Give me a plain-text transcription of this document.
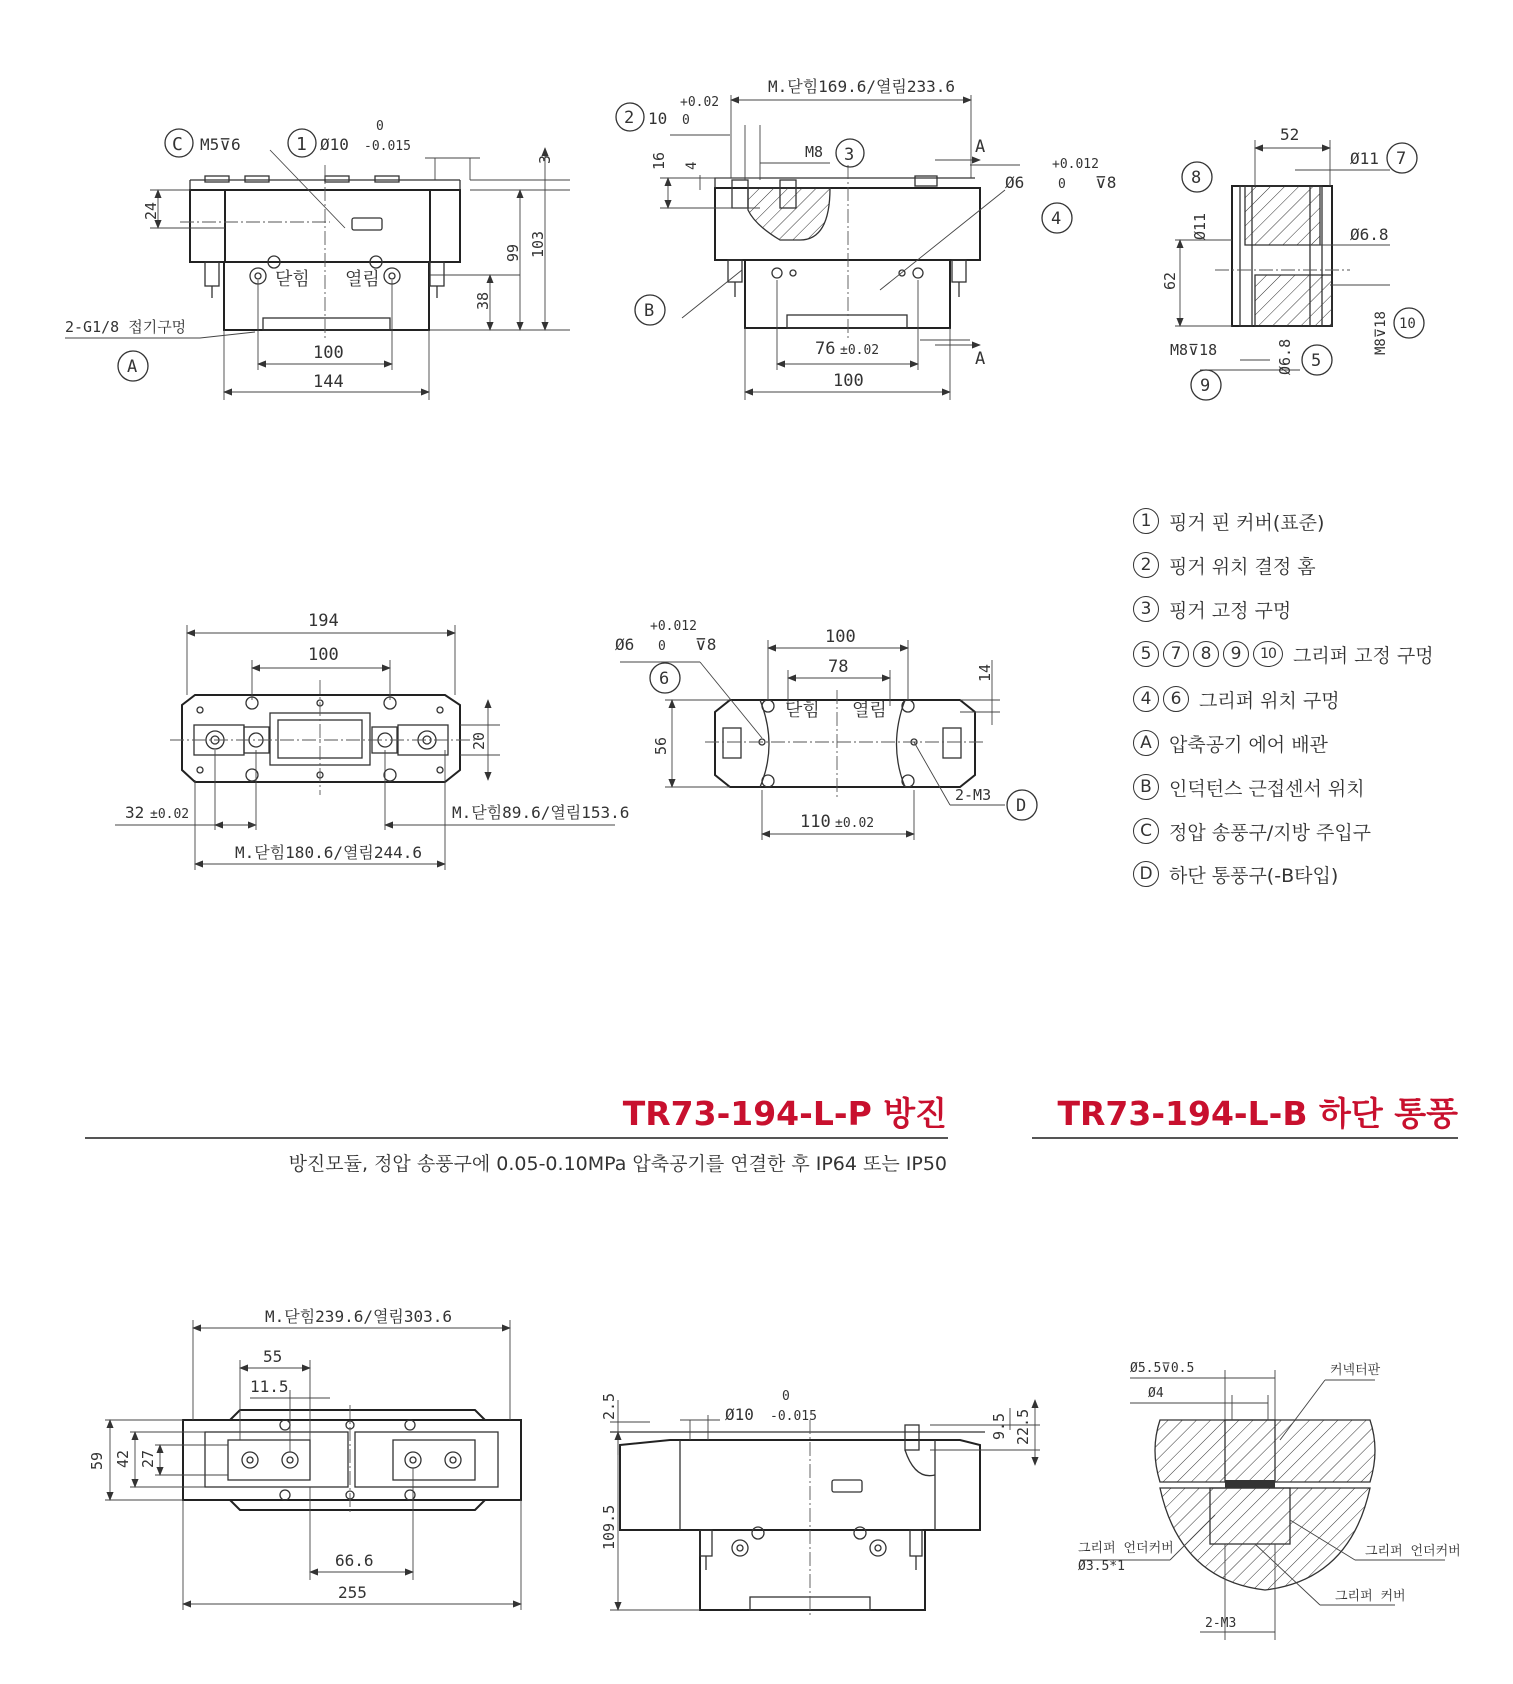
C M5⊽6	1 Ø10
0
-0.015
3
24
103
99
38
닫힘 열림
2-G1/8 접기구멍
A
100
144
2 10
+0.02
0
M.닫힘169.6/열림233.6
16 4
M8 3	A
Ø6
+0.012
0 ⊽8
4
B
A
76 ±0.02
100
52
Ø11 7
8
Ø11	Ø6.8
62
M8⊽18 10
M8⊽18	Ø6.8 5
9
194
100
20
32 ±0.02	M.닫힘89.6/열림153.6
M.닫힘180.6/열림244.6
Ø6
+0.012
0 ⊽8
6
100
78	14
56
닫힘 열림
2-M3
D
110 ±0.02
M.닫힘239.6/열림303.6
55
11.5
59 42 27
66.6
255
2.5	Ø10
0
-0.015	9.5 22.5
109.5
Ø5.5⊽0.5
Ø4
커넥터판
그리퍼 언더커버
Ø3.5*1
그리퍼 언더커버
그리퍼 커버
2-M3
1 핑거 핀 커버(표준)
2 핑거 위치 결정 홈
3 핑거 고정 구멍
5	7	8	9	10 그리퍼 고정 구멍
4	6 그리퍼 위치 구멍
A 압축공기 에어 배관
B 인덕턴스 근접센서 위치
C 정압 송풍구/지방 주입구
D 하단 통풍구(-B타입)
TR73-194-L-P 방진
방진모듈, 정압 송풍구에 0.05-0.10MPa 압축공기를 연결한 후 IP64 또는 IP50
TR73-194-L-B 하단 통풍
